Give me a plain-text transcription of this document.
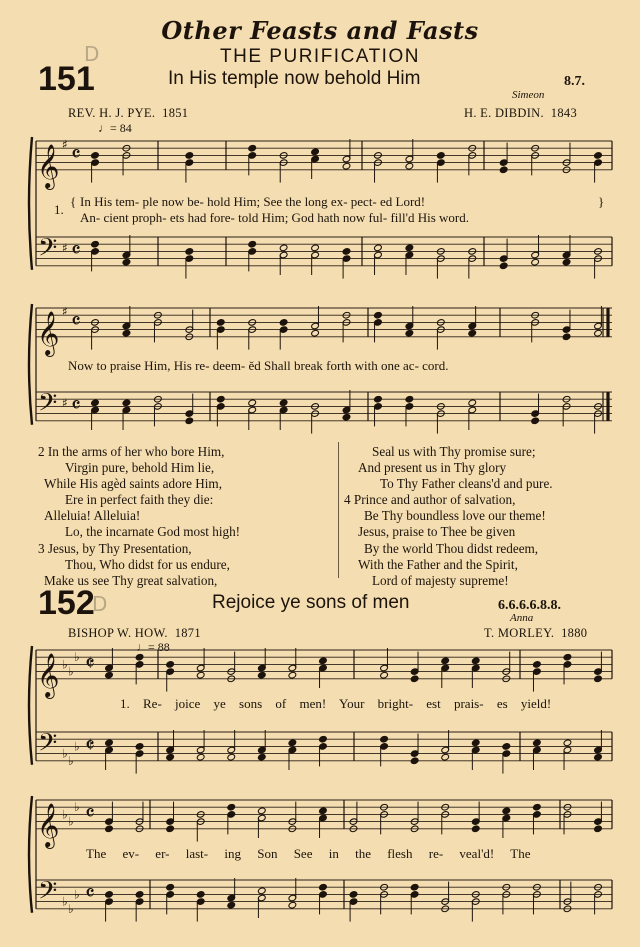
Other Feasts and Fasts
THE PURIFICATION
151
D
In His temple now behold Him
Simeon
8.7.
REV. H. J. PYE. 1851	H. E. DIBDIN. 1843
♩= 84
1.
{ In His tem- ple now be- hold Him; See the long ex- pect- ed Lord!
An- cient proph- ets had fore- told Him; God hath now ful- fill'd His word.
}
Now to praise Him, His re- deem- ěd Shall break forth with one ac- cord.
2 In the arms of her who bore Him,
Virgin pure, behold Him lie,
While His agèd saints adore Him,
Ere in perfect faith they die:
Alleluia! Alleluia!
Lo, the incarnate God most high!
3 Jesus, by Thy Presentation,
Thou, Who didst for us endure,
Make us see Thy great salvation,
Seal us with Thy promise sure;
And present us in Thy glory
To Thy Father cleans'd and pure.
4 Prince and author of salvation,
Be Thy boundless love our theme!
Jesus, praise to Thee be given
By the world Thou didst redeem,
With the Father and the Spirit,
Lord of majesty supreme!
152
D	Rejoice ye sons of men	6.6.6.6.8.8.
Anna
BISHOP W. HOW. 1871	T. MORLEY. 1880
♩= 88
1. Re- joice ye sons of men! Your bright- est prais- es yield!
The ev- er- last- ing Son See in the flesh re- veal'd! The
𝄞 ♯ 𝄴
𝄢 ♯ 𝄴
𝄞 ♯ 𝄴
𝄢 ♯ 𝄴
𝄞 ♭
♭
♭ 𝄵
𝄢 ♭
♭
♭ 𝄵
𝄞 ♭
♭
♭ 𝄴
𝄢 ♭
♭
♭ 𝄴
